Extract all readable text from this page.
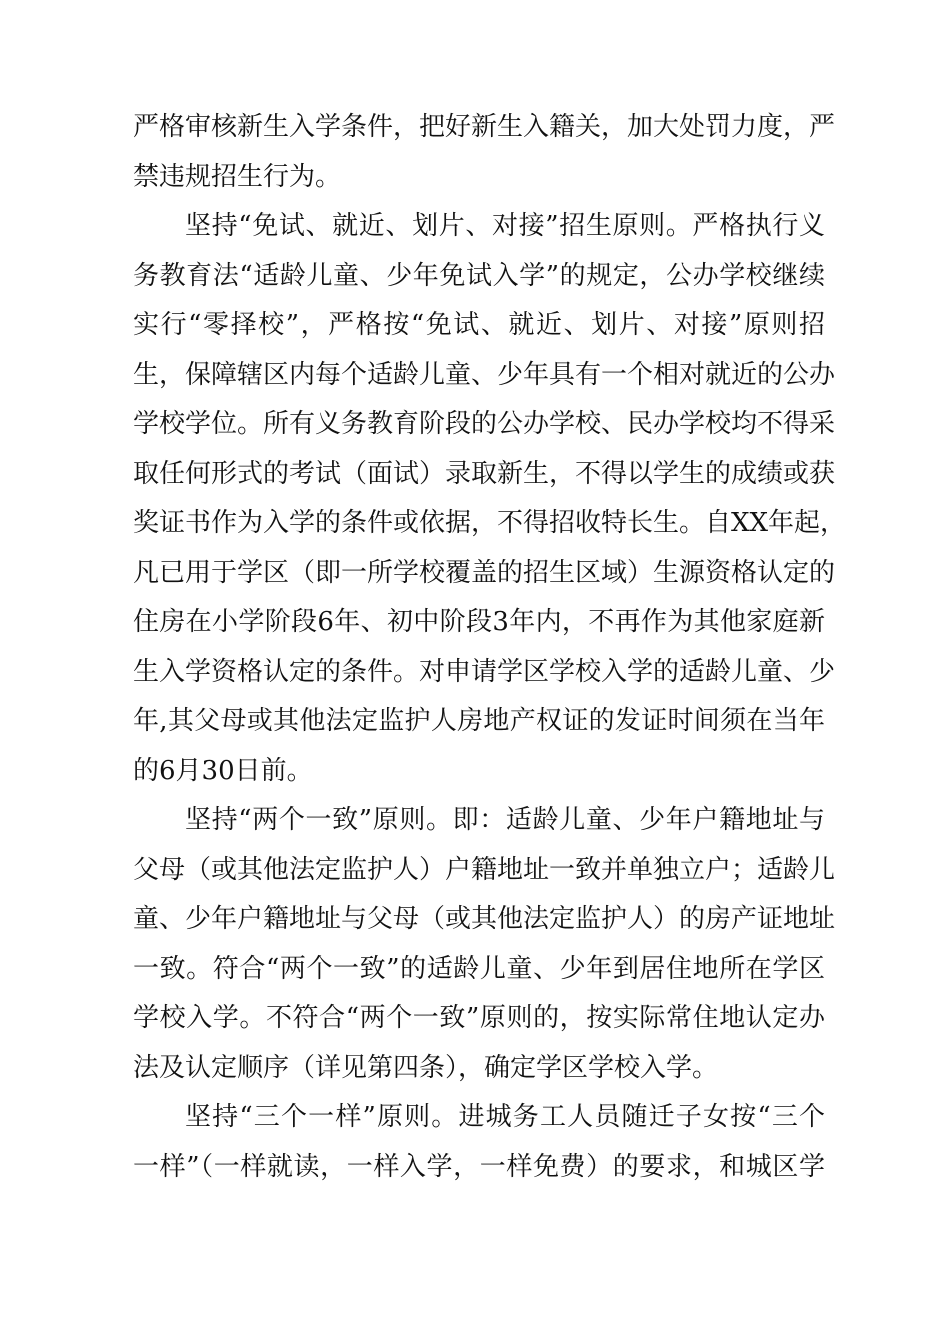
严格审核新生入学条件，把好新生入籍关，加大处罚力度，严
禁违规招生行为。
坚持“免试、就近、划片、对接”招生原则。严格执行义
务教育法“适龄儿童、少年免试入学”的规定，公办学校继续
实行“零择校”，严格按“免试、就近、划片、对接”原则招
生，保障辖区内每个适龄儿童、少年具有一个相对就近的公办
学校学位。所有义务教育阶段的公办学校、民办学校均不得采
取任何形式的考试（面试）录取新生，不得以学生的成绩或获
奖证书作为入学的条件或依据，不得招收特长生。自XX年起，
凡已用于学区（即一所学校覆盖的招生区域）生源资格认定的
住房在小学阶段6年、初中阶段3年内，不再作为其他家庭新
生入学资格认定的条件。对申请学区学校入学的适龄儿童、少
年,其父母或其他法定监护人房地产权证的发证时间须在当年
的6月30日前。
坚持“两个一致”原则。即：适龄儿童、少年户籍地址与
父母（或其他法定监护人）户籍地址一致并单独立户；适龄儿
童、少年户籍地址与父母（或其他法定监护人）的房产证地址
一致。符合“两个一致”的适龄儿童、少年到居住地所在学区
学校入学。不符合“两个一致”原则的，按实际常住地认定办
法及认定顺序（详见第四条），确定学区学校入学。
坚持“三个一样”原则。进城务工人员随迁子女按“三个
一样”（一样就读，一样入学，一样免费）的要求，和城区学
